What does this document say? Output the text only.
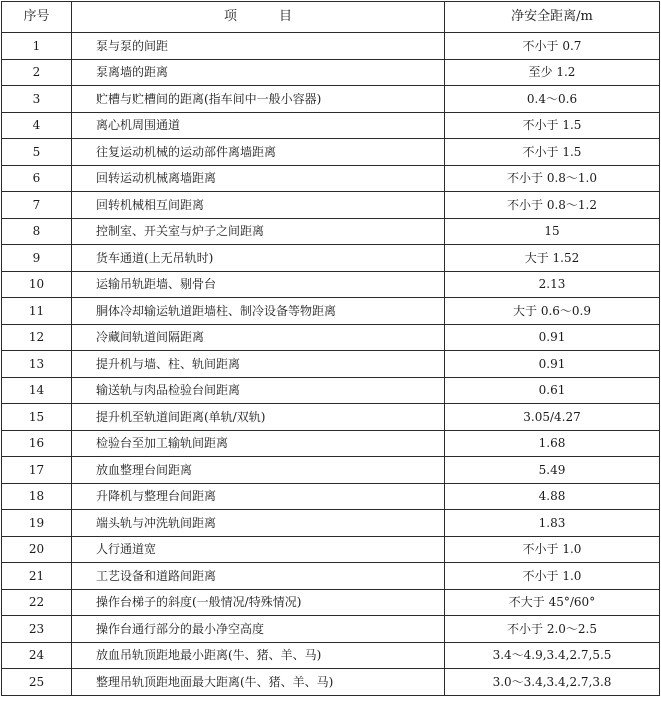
序号	项 目	净安全距离/m
1	泵与泵的间距	不小于 0.7
2	泵离墙的距离	至少 1.2
3	贮槽与贮槽间的距离(指车间中一般小容器)	0.4～0.6
4	离心机周围通道	不小于 1.5
5	往复运动机械的运动部件离墙距离	不小于 1.5
6	回转运动机械离墙距离	不小于 0.8～1.0
7	回转机械相互间距离	不小于 0.8～1.2
8	控制室、开关室与炉子之间距离	15
9	货车通道(上无吊轨时)	大于 1.52
10	运输吊轨距墙、剔骨台	2.13
11	胴体冷却输运轨道距墙柱、制冷设备等物距离	大于 0.6～0.9
12	冷藏间轨道间隔距离	0.91
13	提升机与墙、柱、轨间距离	0.91
14	输送轨与肉品检验台间距离	0.61
15	提升机至轨道间距离(单轨/双轨)	3.05/4.27
16	检验台至加工输轨间距离	1.68
17	放血整理台间距离	5.49
18	升降机与整理台间距离	4.88
19	端头轨与冲洗轨间距离	1.83
20	人行通道宽	不小于 1.0
21	工艺设备和道路间距离	不小于 1.0
22	操作台梯子的斜度(一般情况/特殊情况)	不大于 45°/60°
23	操作台通行部分的最小净空高度	不小于 2.0～2.5
24	放血吊轨顶距地最小距离(牛、猪、羊、马)	3.4～4.9,3.4,2.7,5.5
25	整理吊轨顶距地面最大距离(牛、猪、羊、马)	3.0～3.4,3.4,2.7,3.8
